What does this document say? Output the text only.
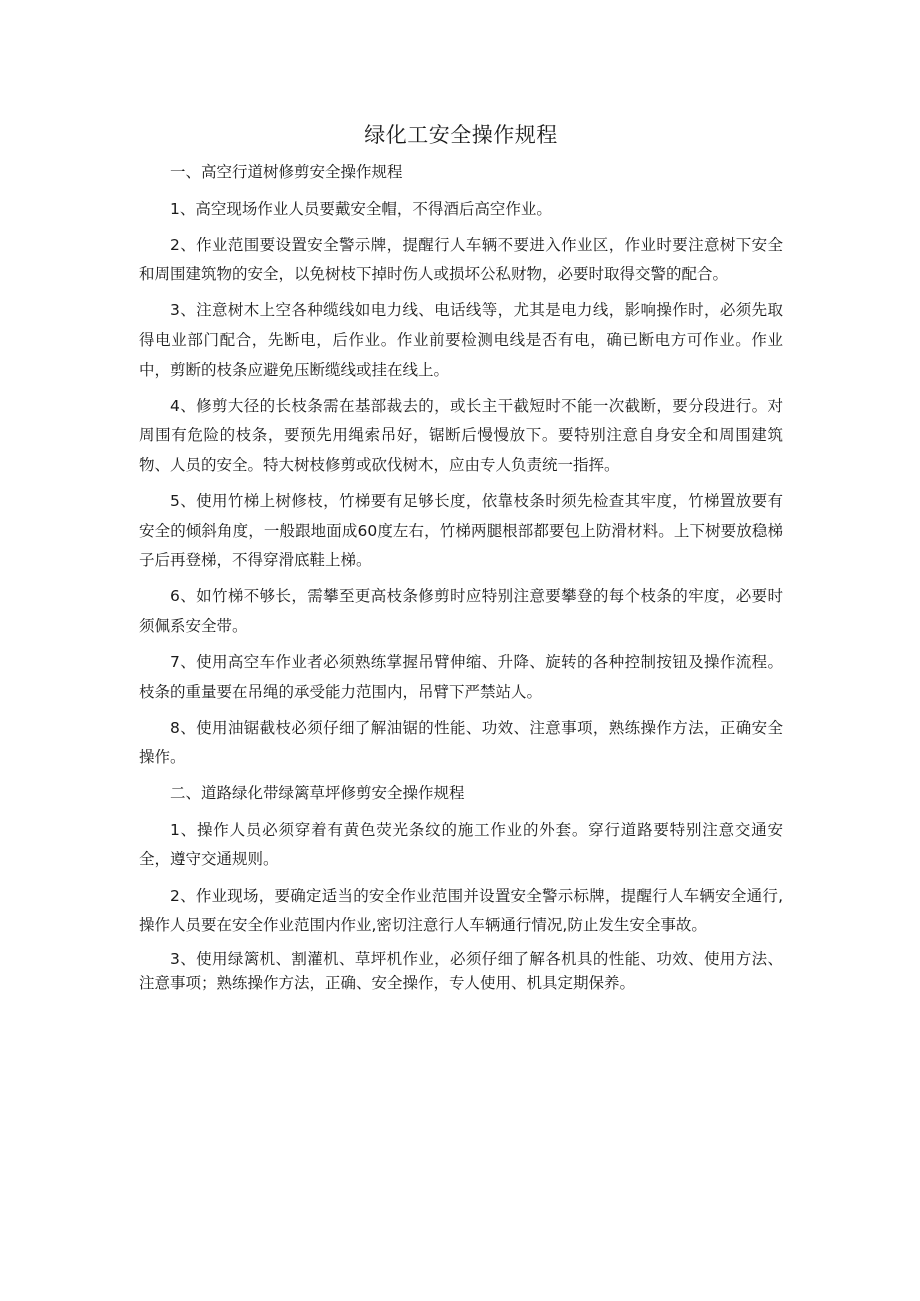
绿化工安全操作规程

一、高空行道树修剪安全操作规程

1、高空现场作业人员要戴安全帽，不得酒后高空作业。

2、作业范围要设置安全警示牌，提醒行人车辆不要进入作业区，作业时要注意树下安全和周围建筑物的安全，以免树枝下掉时伤人或损坏公私财物，必要时取得交警的配合。

3、注意树木上空各种缆线如电力线、电话线等，尤其是电力线，影响操作时，必须先取得电业部门配合，先断电，后作业。作业前要检测电线是否有电，确已断电方可作业。作业中，剪断的枝条应避免压断缆线或挂在线上。

4、修剪大径的长枝条需在基部裁去的，或长主干截短时不能一次截断，要分段进行。对周围有危险的枝条，要预先用绳索吊好，锯断后慢慢放下。要特别注意自身安全和周围建筑物、人员的安全。特大树枝修剪或砍伐树木，应由专人负责统一指挥。

5、使用竹梯上树修枝，竹梯要有足够长度，依靠枝条时须先检查其牢度，竹梯置放要有安全的倾斜角度，一般跟地面成60度左右，竹梯两腿根部都要包上防滑材料。上下树要放稳梯子后再登梯，不得穿滑底鞋上梯。

6、如竹梯不够长，需攀至更高枝条修剪时应特别注意要攀登的每个枝条的牢度，必要时须佩系安全带。

7、使用高空车作业者必须熟练掌握吊臂伸缩、升降、旋转的各种控制按钮及操作流程。枝条的重量要在吊绳的承受能力范围内，吊臂下严禁站人。

8、使用油锯截枝必须仔细了解油锯的性能、功效、注意事项，熟练操作方法，正确安全操作。

二、道路绿化带绿篱草坪修剪安全操作规程

1、操作人员必须穿着有黄色荧光条纹的施工作业的外套。穿行道路要特别注意交通安全，遵守交通规则。

2、作业现场，要确定适当的安全作业范围并设置安全警示标牌，提醒行人车辆安全通行,操作人员要在安全作业范围内作业,密切注意行人车辆通行情况,防止发生安全事故。

3、使用绿篱机、割灌机、草坪机作业，必须仔细了解各机具的性能、功效、使用方法、注意事项；熟练操作方法，正确、安全操作，专人使用、机具定期保养。
